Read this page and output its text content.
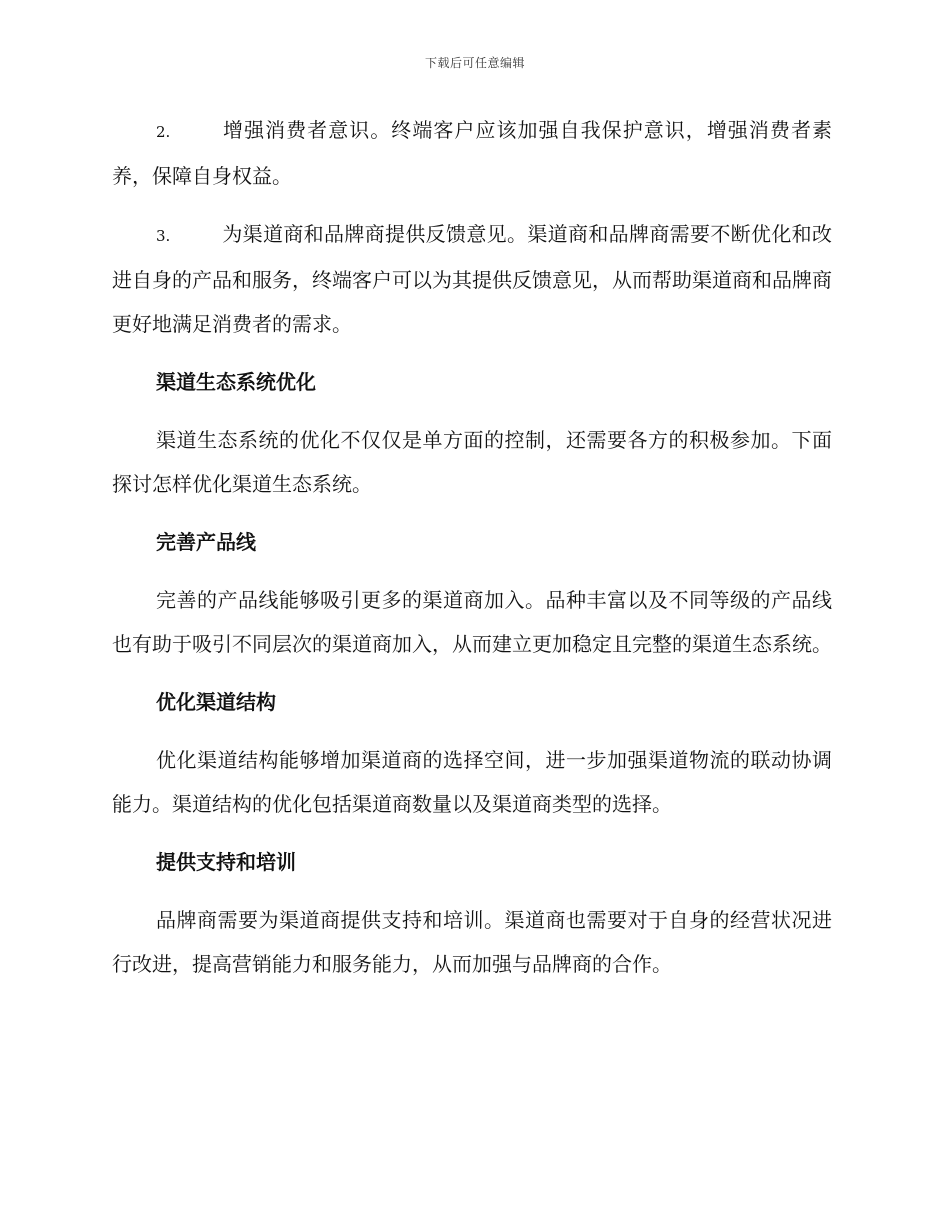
下载后可任意编辑

2.	增强消费者意识。终端客户应该加强自我保护意识，增强消费者素养，保障自身权益。

3.	为渠道商和品牌商提供反馈意见。渠道商和品牌商需要不断优化和改进自身的产品和服务，终端客户可以为其提供反馈意见，从而帮助渠道商和品牌商更好地满足消费者的需求。

渠道生态系统优化

渠道生态系统的优化不仅仅是单方面的控制，还需要各方的积极参加。下面探讨怎样优化渠道生态系统。

完善产品线

完善的产品线能够吸引更多的渠道商加入。品种丰富以及不同等级的产品线也有助于吸引不同层次的渠道商加入，从而建立更加稳定且完整的渠道生态系统。

优化渠道结构

优化渠道结构能够增加渠道商的选择空间，进一步加强渠道物流的联动协调能力。渠道结构的优化包括渠道商数量以及渠道商类型的选择。

提供支持和培训

品牌商需要为渠道商提供支持和培训。渠道商也需要对于自身的经营状况进行改进，提高营销能力和服务能力，从而加强与品牌商的合作。
